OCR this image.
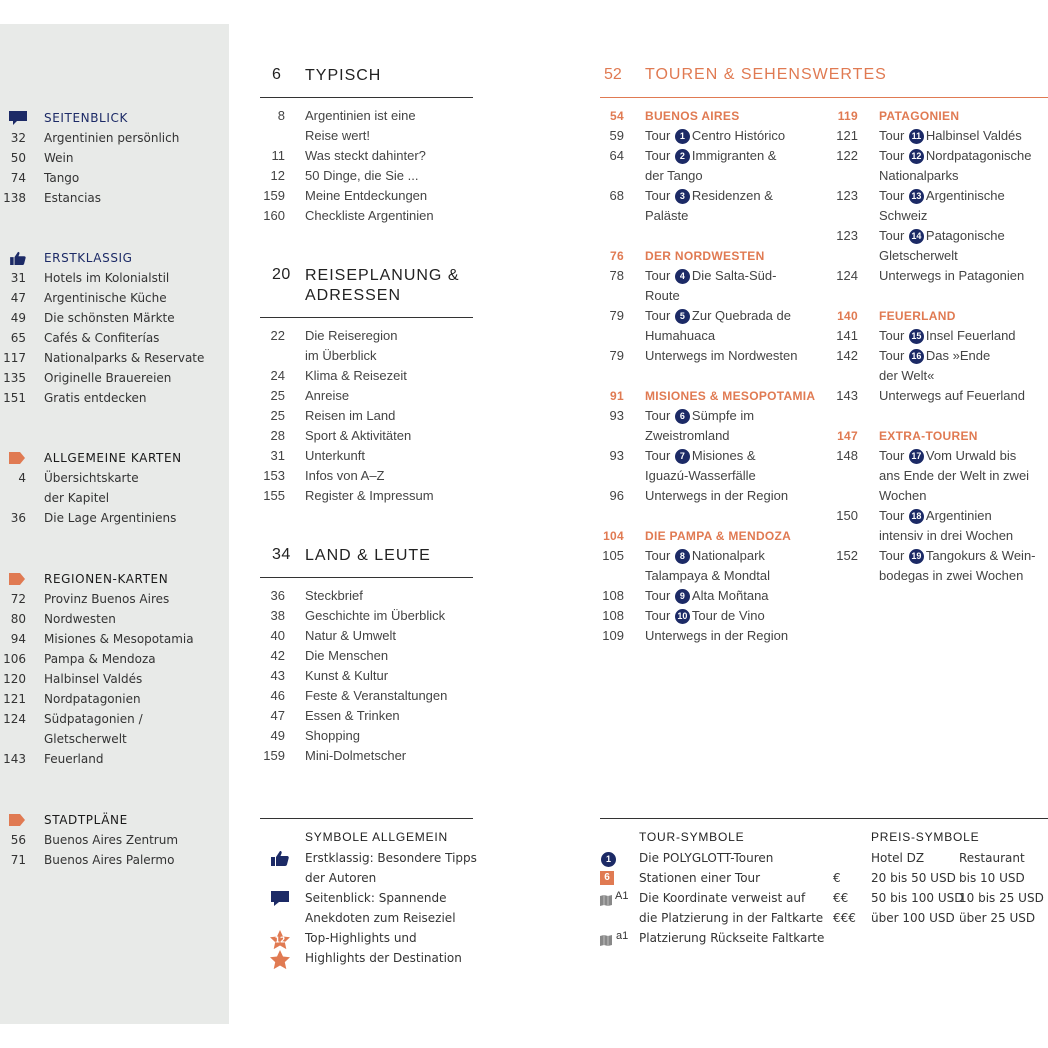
SEITENBLICK
32 Argentinien persönlich
50 Wein
74 Tango
138 Estancias
ERSTKLASSIG
31 Hotels im Kolonialstil
47 Argentinische Küche
49 Die schönsten Märkte
65 Cafés & Confiterías
117 Nationalparks & Reservate
135 Originelle Brauereien
151 Gratis entdecken
ALLGEMEINE KARTEN
4 Übersichtskarte
der Kapitel
36 Die Lage Argentiniens
REGIONEN-KARTEN
72 Provinz Buenos Aires
80 Nordwesten
94 Misiones & Mesopotamia
106 Pampa & Mendoza
120 Halbinsel Valdés
121 Nordpatagonien
124 Südpatagonien /
Gletscherwelt
143 Feuerland
STADTPLÄNE
56 Buenos Aires Zentrum
71 Buenos Aires Palermo
6 TYPISCH
8 Argentinien ist eine
Reise wert!
11 Was steckt dahinter?
12 50 Dinge, die Sie ...
159 Meine Entdeckungen
160 Checkliste Argentinien
20 REISEPLANUNG &
ADRESSEN
22 Die Reiseregion
im Überblick
24 Klima & Reisezeit
25 Anreise
25 Reisen im Land
28 Sport & Aktivitäten
31 Unterkunft
153 Infos von A–Z
155 Register & Impressum
34 LAND & LEUTE
36 Steckbrief
38 Geschichte im Überblick
40 Natur & Umwelt
42 Die Menschen
43 Kunst & Kultur
46 Feste & Veranstaltungen
47 Essen & Trinken
49 Shopping
159 Mini-Dolmetscher
52 TOUREN & SEHENSWERTES
54 BUENOS AIRES
59 Tour 1 Centro Histórico
64 Tour 2 Immigranten &
der Tango
68 Tour 3 Residenzen &
Paläste
76 DER NORDWESTEN
78 Tour 4 Die Salta-Süd-
Route
79 Tour 5 Zur Quebrada de
Humahuaca
79 Unterwegs im Nordwesten
91 MISIONES & MESOPOTAMIA
93 Tour 6 Sümpfe im
Zweistromland
93 Tour 7 Misiones &
Iguazú-Wasserfälle
96 Unterwegs in der Region
104 DIE PAMPA & MENDOZA
105 Tour 8 Nationalpark
Talampaya & Mondtal
108 Tour 9 Alta Moñtana
108 Tour 10 Tour de Vino
109 Unterwegs in der Region
119 PATAGONIEN
121 Tour 11 Halbinsel Valdés
122 Tour 12 Nordpatagonische
Nationalparks
123 Tour 13 Argentinische
Schweiz
123 Tour 14 Patagonische
Gletscherwelt
124 Unterwegs in Patagonien
140 FEUERLAND
141 Tour 15 Insel Feuerland
142 Tour 16 Das »Ende
der Welt«
143 Unterwegs auf Feuerland
147 EXTRA-TOUREN
148 Tour 17 Vom Urwald bis
ans Ende der Welt in zwei
Wochen
150 Tour 18 Argentinien
intensiv in drei Wochen
152 Tour 19 Tangokurs & Wein-
bodegas in zwei Wochen
SYMBOLE ALLGEMEIN
12
Erstklassig: Besondere Tipps
der Autoren
Seitenblick: Spannende
Anekdoten zum Reiseziel
Top-Highlights und
Highlights der Destination
TOUR-SYMBOLE
1
6
A1
a1
Die POLYGLOTT-Touren
Stationen einer Tour
Die Koordinate verweist auf
die Platzierung in der Faltkarte
Platzierung Rückseite Faltkarte
PREIS-SYMBOLE
Hotel DZ	Restaurant
€	20 bis 50 USD bis 10 USD
€€ 50 bis 100 USD
10 bis 25 USD
€€€ über 100 USD über 25 USD
